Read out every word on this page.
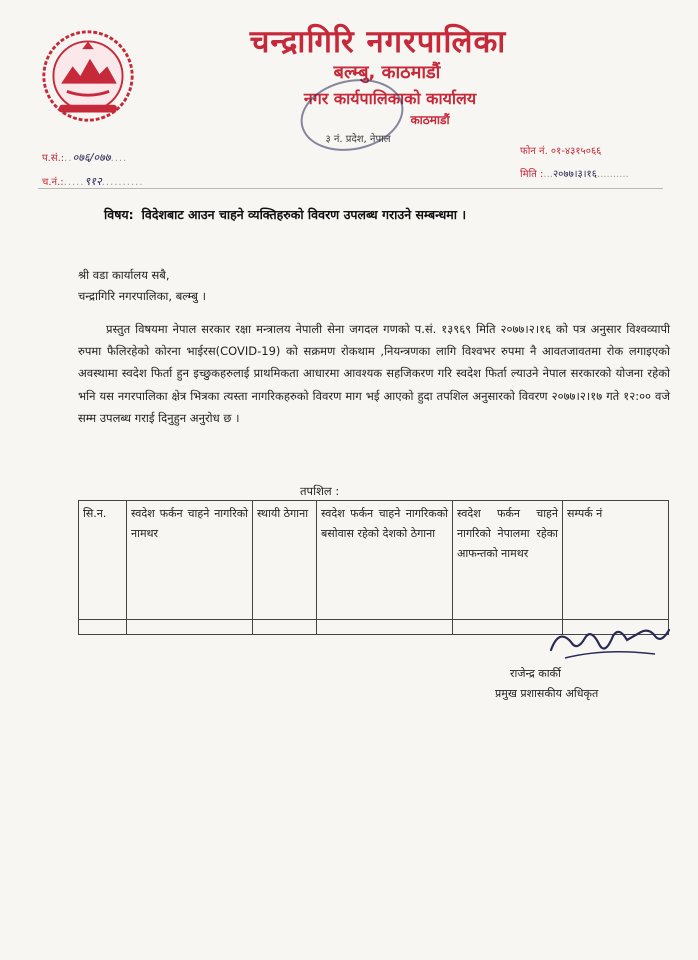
चन्द्रागिरि नगरपालिका
बल्म्बु, काठमाडौं
नगर कार्यपालिकाको कार्यालय
काठमाडौं
३ नं. प्रदेश, नेपाल
प.सं.:..०७६/०७७....
च.नं.:.....९१२..........
फोन नं. ०१-४३१५०६६
मिति :...२०७७।३।१६..........
विषय: विदेशबाट आउन चाहने व्यक्तिहरुको विवरण उपलब्ध गराउने सम्बन्धमा ।
श्री वडा कार्यालय सबै,
चन्द्रागिरि नगरपालिका, बल्म्बु ।
प्रस्तुत विषयमा नेपाल सरकार रक्षा मन्त्रालय नेपाली सेना जगदल गणको प.सं. १३९६९ मिति २०७७।२।१६ को पत्र अनुसार विश्वव्यापी रुपमा फैलिरहेको कोरना भाईरस(COVID-19) को सक्रमण रोकथाम ,नियन्त्रणका लागि विश्वभर रुपमा नै आवतजावतमा रोक लगाइएको अवस्थामा स्वदेश फिर्ता हुन इच्छुकहरुलाई प्राथमिकता आधारमा आवश्यक सहजिकरण गरि स्वदेश फिर्ता ल्याउने नेपाल सरकारको योजना रहेको भनि यस नगरपालिका क्षेत्र भित्रका त्यस्ता नागरिकहरुको विवरण माग भई आएको हुदा तपशिल अनुसारको विवरण २०७७।२।१७ गते १२:०० वजे सम्म उपलब्ध गराई दिनुहुन अनुरोध छ ।
तपशिल :
सि.न.	स्वदेश फर्कन चाहने नागरिको नामथर	स्थायी ठेगाना	स्वदेश फर्कन चाहने नागरिकको बसोवास रहेको देशको ठेगाना	स्वदेश फर्कन चाहने नागरिको नेपालमा रहेका आफन्तको नामथर	सम्पर्क नं

राजेन्द्र कार्की
प्रमुख प्रशासकीय अधिकृत
